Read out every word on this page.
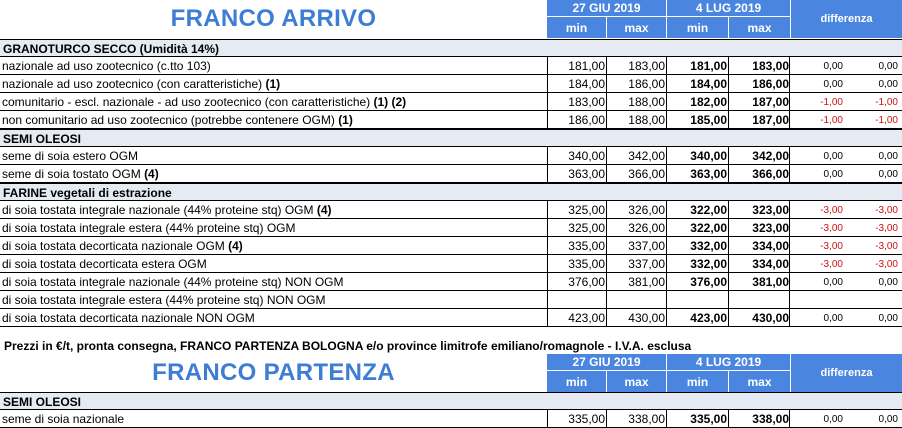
FRANCO ARRIVO	27 GIU 2019	4 LUG 2019
min	max	min	max
differenza
GRANOTURCO SECCO (Umidità 14%)
nazionale ad uso zootecnico (c.tto 103)	181,00	183,00	181,00	183,00	0,00	0,00
nazionale ad uso zootecnico (con caratteristiche) (1)	184,00	186,00	184,00	186,00	0,00	0,00
comunitario - escl. nazionale - ad uso zootecnico (con caratteristiche) (1) (2)	183,00	188,00	182,00	187,00	-1,00	-1,00
non comunitario ad uso zootecnico (potrebbe contenere OGM) (1)	186,00	188,00	185,00	187,00	-1,00	-1,00
SEMI OLEOSI
seme di soia estero OGM	340,00	342,00	340,00	342,00	0,00	0,00
seme di soia tostato OGM (4)	363,00	366,00	363,00	366,00	0,00	0,00
FARINE vegetali di estrazione
di soia tostata integrale nazionale (44% proteine stq) OGM (4)	325,00	326,00	322,00	323,00	-3,00	-3,00
di soia tostata integrale estera (44% proteine stq) OGM	325,00	326,00	322,00	323,00	-3,00	-3,00
di soia tostata decorticata nazionale OGM (4)	335,00	337,00	332,00	334,00	-3,00	-3,00
di soia tostata decorticata estera OGM	335,00	337,00	332,00	334,00	-3,00	-3,00
di soia tostata integrale nazionale (44% proteine stq) NON OGM	376,00	381,00	376,00	381,00	0,00	0,00
di soia tostata integrale estera (44% proteine stq) NON OGM
di soia tostata decorticata nazionale NON OGM	423,00	430,00	423,00	430,00	0,00	0,00
Prezzi in €/t, pronta consegna, FRANCO PARTENZA BOLOGNA e/o province limitrofe emiliano/romagnole - I.V.A. esclusa
FRANCO PARTENZA	27 GIU 2019	4 LUG 2019
min	max	min	max
differenza
SEMI OLEOSI
seme di soia nazionale	335,00	338,00	335,00	338,00	0,00	0,00
